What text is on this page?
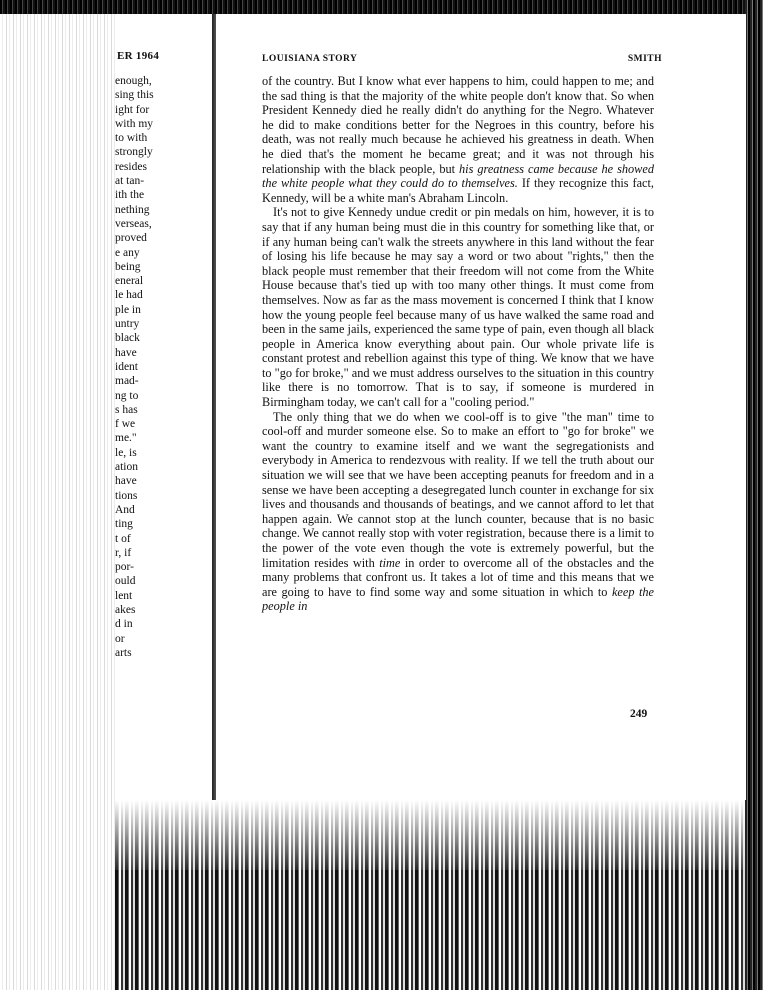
ER 1964
enough,
sing this
ight for
with my
to with
strongly
resides
at tan-
ith the
nething
verseas,
proved
e any
being
eneral
le had
ple in
untry
black
have
ident
mad-
ng to
s has
f we
me."
le, is
ation
have
tions
And
ting
t of
r, if
por-
ould
lent
akes
d in
or
arts
LOUISIANA STORY	SMITH

of the country. But I know what ever happens to him, could happen to me; and the sad thing is that the majority of the white people don't know that. So when President Kennedy died he really didn't do anything for the Negro. Whatever he did to make conditions better for the Negroes in this country, before his death, was not really much because he achieved his greatness in death. When he died that's the moment he became great; and it was not through his relationship with the black people, but his greatness came because he showed the white people what they could do to themselves. If they recognize this fact, Kennedy, will be a white man's Abraham Lincoln.

It's not to give Kennedy undue credit or pin medals on him, however, it is to say that if any human being must die in this country for something like that, or if any human being can't walk the streets anywhere in this land without the fear of losing his life because he may say a word or two about "rights," then the black people must remember that their freedom will not come from the White House because that's tied up with too many other things. It must come from themselves. Now as far as the mass movement is concerned I think that I know how the young people feel because many of us have walked the same road and been in the same jails, experienced the same type of pain, even though all black people in America know everything about pain. Our whole private life is constant protest and rebellion against this type of thing. We know that we have to "go for broke," and we must address ourselves to the situation in this country like there is no tomorrow. That is to say, if someone is murdered in Birmingham today, we can't call for a "cooling period."

The only thing that we do when we cool-off is to give "the man" time to cool-off and murder someone else. So to make an effort to "go for broke" we want the country to examine itself and we want the segregationists and everybody in America to rendezvous with reality. If we tell the truth about our situation we will see that we have been accepting peanuts for freedom and in a sense we have been accepting a desegregated lunch counter in exchange for six lives and thousands and thousands of beatings, and we cannot afford to let that happen again. We cannot stop at the lunch counter, because that is no basic change. We cannot really stop with voter registration, because there is a limit to the power of the vote even though the vote is extremely powerful, but the limitation resides with time in order to overcome all of the obstacles and the many problems that confront us. It takes a lot of time and this means that we are going to have to find some way and some situation in which to keep the people in

249
